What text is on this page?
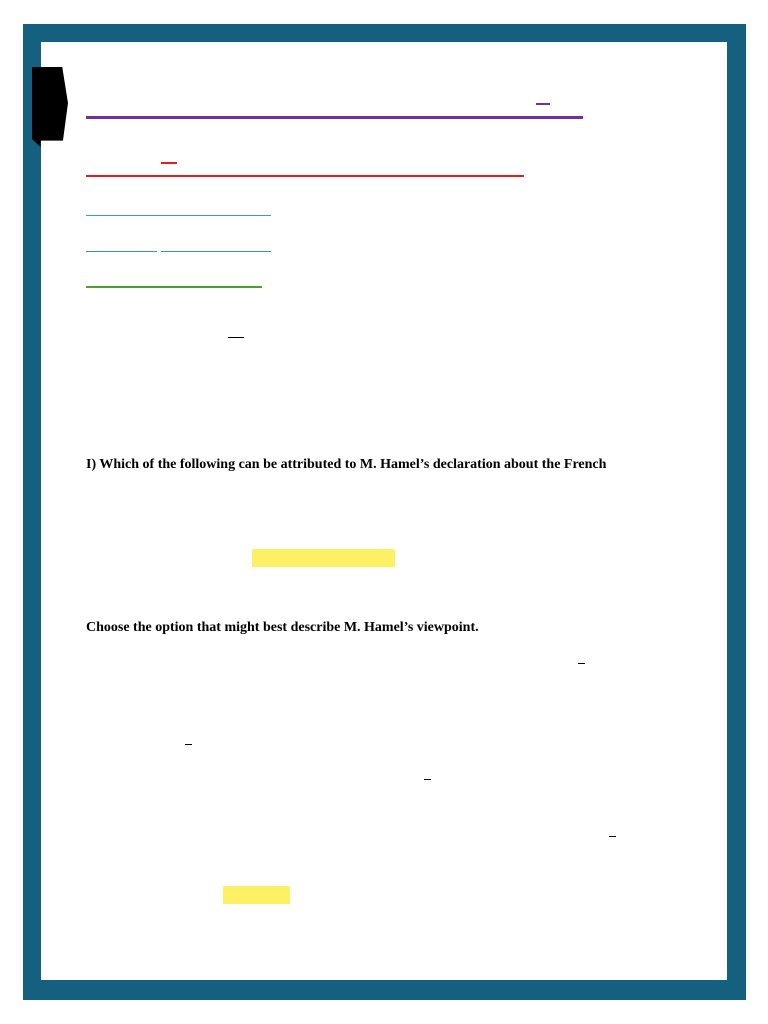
I) Which of the following can be attributed to M. Hamel’s declaration about the French

Choose the option that might best describe M. Hamel’s viewpoint.
